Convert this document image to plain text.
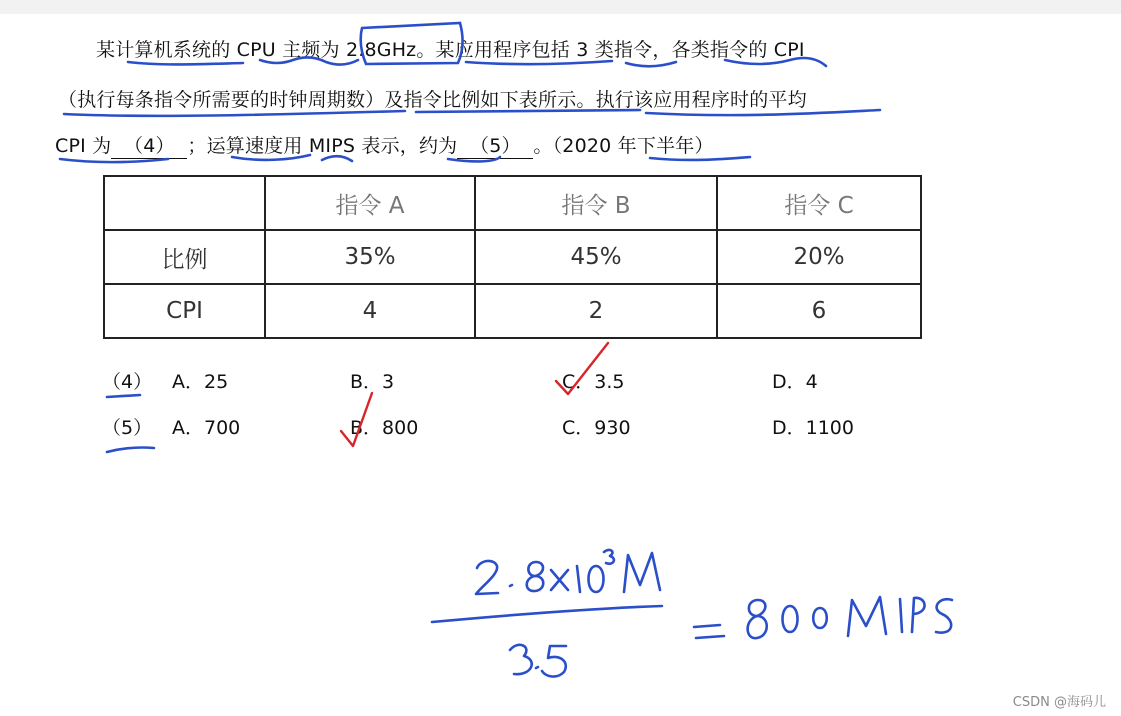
某计算机系统的 CPU 主频为 2.8GHz。某应用程序包括 3 类指令，各类指令的 CPI
（执行每条指令所需要的时钟周期数）及指令比例如下表所示。执行该应用程序时的平均
CPI 为 （4） ；运算速度用 MIPS 表示，约为 （5） 。（2020 年下半年）
	指令 A	指令 B	指令 C
比例	35%	45%	20%
CPI	4	2	6
（4） A．25	B．3	C．3.5	D．4
（5） A．700	B．800	C．930	D．1100
CSDN @海码儿
